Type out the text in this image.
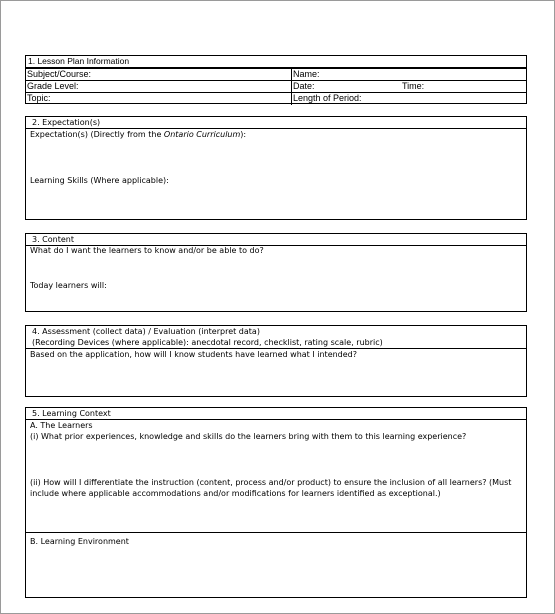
1. Lesson Plan Information
Subject/Course:	Name:
Grade Level:	Date:	Time:
Topic:	Length of Period:
2. Expectation(s)
Expectation(s) (Directly from the Ontario Curriculum):
Learning Skills (Where applicable):
3. Content
What do I want the learners to know and/or be able to do?
Today learners will:
4. Assessment (collect data) / Evaluation (interpret data)
(Recording Devices (where applicable): anecdotal record, checklist, rating scale, rubric)
Based on the application, how will I know students have learned what I intended?
5. Learning Context
A. The Learners
(i) What prior experiences, knowledge and skills do the learners bring with them to this learning experience?
(ii) How will I differentiate the instruction (content, process and/or product) to ensure the inclusion of all learners? (Must include where applicable accommodations and/or modifications for learners identified as exceptional.)
B. Learning Environment
